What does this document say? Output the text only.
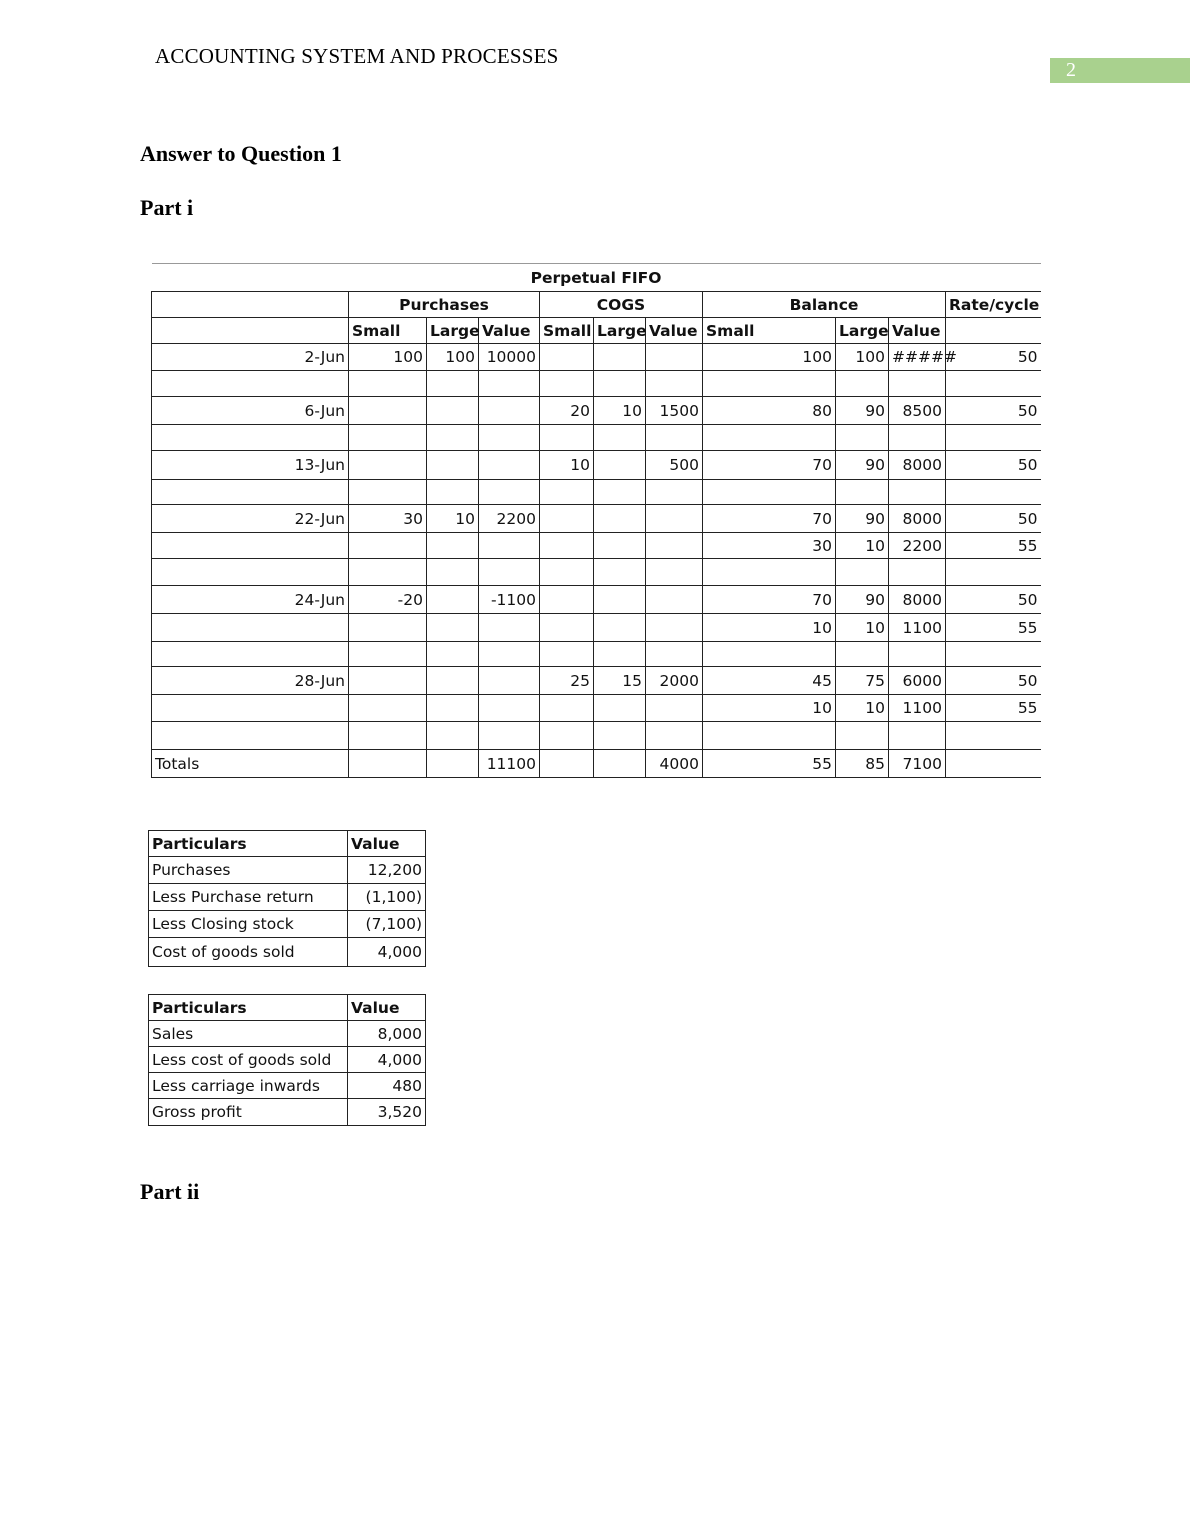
ACCOUNTING SYSTEM AND PROCESSES
2
Answer to Question 1
Part i
Perpetual FIFO										
	Purchases			COGS			Balance			Rate/cycle
	Small	Large	Value	Small	Large	Value	Small	Large	Value	
2-Jun	100	100	10000				100	100	#####	50

6-Jun				20	10	1500	80	90	8500	50

13-Jun				10		500	70	90	8000	50

22-Jun	30	10	2200				70	90	8000	50
							30	10	2200	55

24-Jun	-20		-1100				70	90	8000	50
							10	10	1100	55

28-Jun				25	15	2000	45	75	6000	50
							10	10	1100	55

Totals			11100			4000	55	85	7100	
Particulars	Value
Purchases	12,200
Less Purchase return	(1,100)
Less Closing stock	(7,100)
Cost of goods sold	4,000
Particulars	Value
Sales	8,000
Less cost of goods sold	4,000
Less carriage inwards	480
Gross profit	3,520
Part ii
